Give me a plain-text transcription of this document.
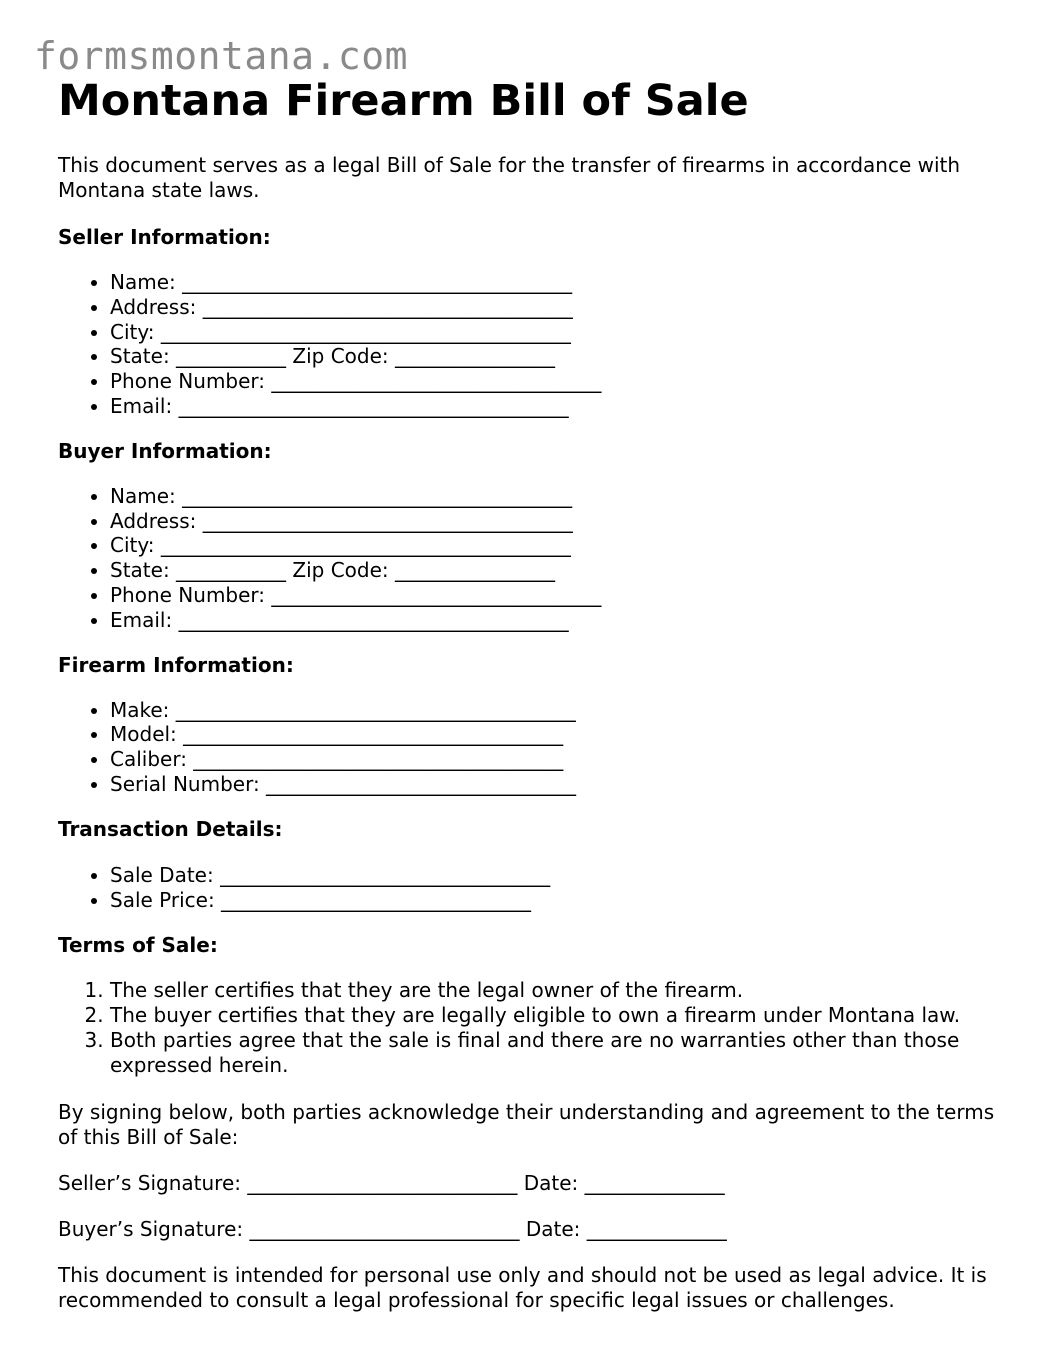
formsmontana.com
Montana Firearm Bill of Sale

This document serves as a legal Bill of Sale for the transfer of firearms in accordance with Montana state laws.

Seller Information:
• Name: _______________________________________
• Address: _____________________________________
• City: _________________________________________
• State: ___________ Zip Code: ________________
• Phone Number: _________________________________
• Email: _______________________________________
Buyer Information:
• Name: _______________________________________
• Address: _____________________________________
• City: _________________________________________
• State: ___________ Zip Code: ________________
• Phone Number: _________________________________
• Email: _______________________________________
Firearm Information:
• Make: ________________________________________
• Model: ______________________________________
• Caliber: _____________________________________
• Serial Number: _______________________________
Transaction Details:
• Sale Date: _________________________________
• Sale Price: _______________________________
Terms of Sale:
1. The seller certifies that they are the legal owner of the firearm.
2. The buyer certifies that they are legally eligible to own a firearm under Montana law.
3. Both parties agree that the sale is final and there are no warranties other than those expressed herein.

By signing below, both parties acknowledge their understanding and agreement to the terms of this Bill of Sale:

Seller’s Signature: ___________________________ Date: ______________

Buyer’s Signature: ___________________________ Date: ______________

This document is intended for personal use only and should not be used as legal advice. It is recommended to consult a legal professional for specific legal issues or challenges.
